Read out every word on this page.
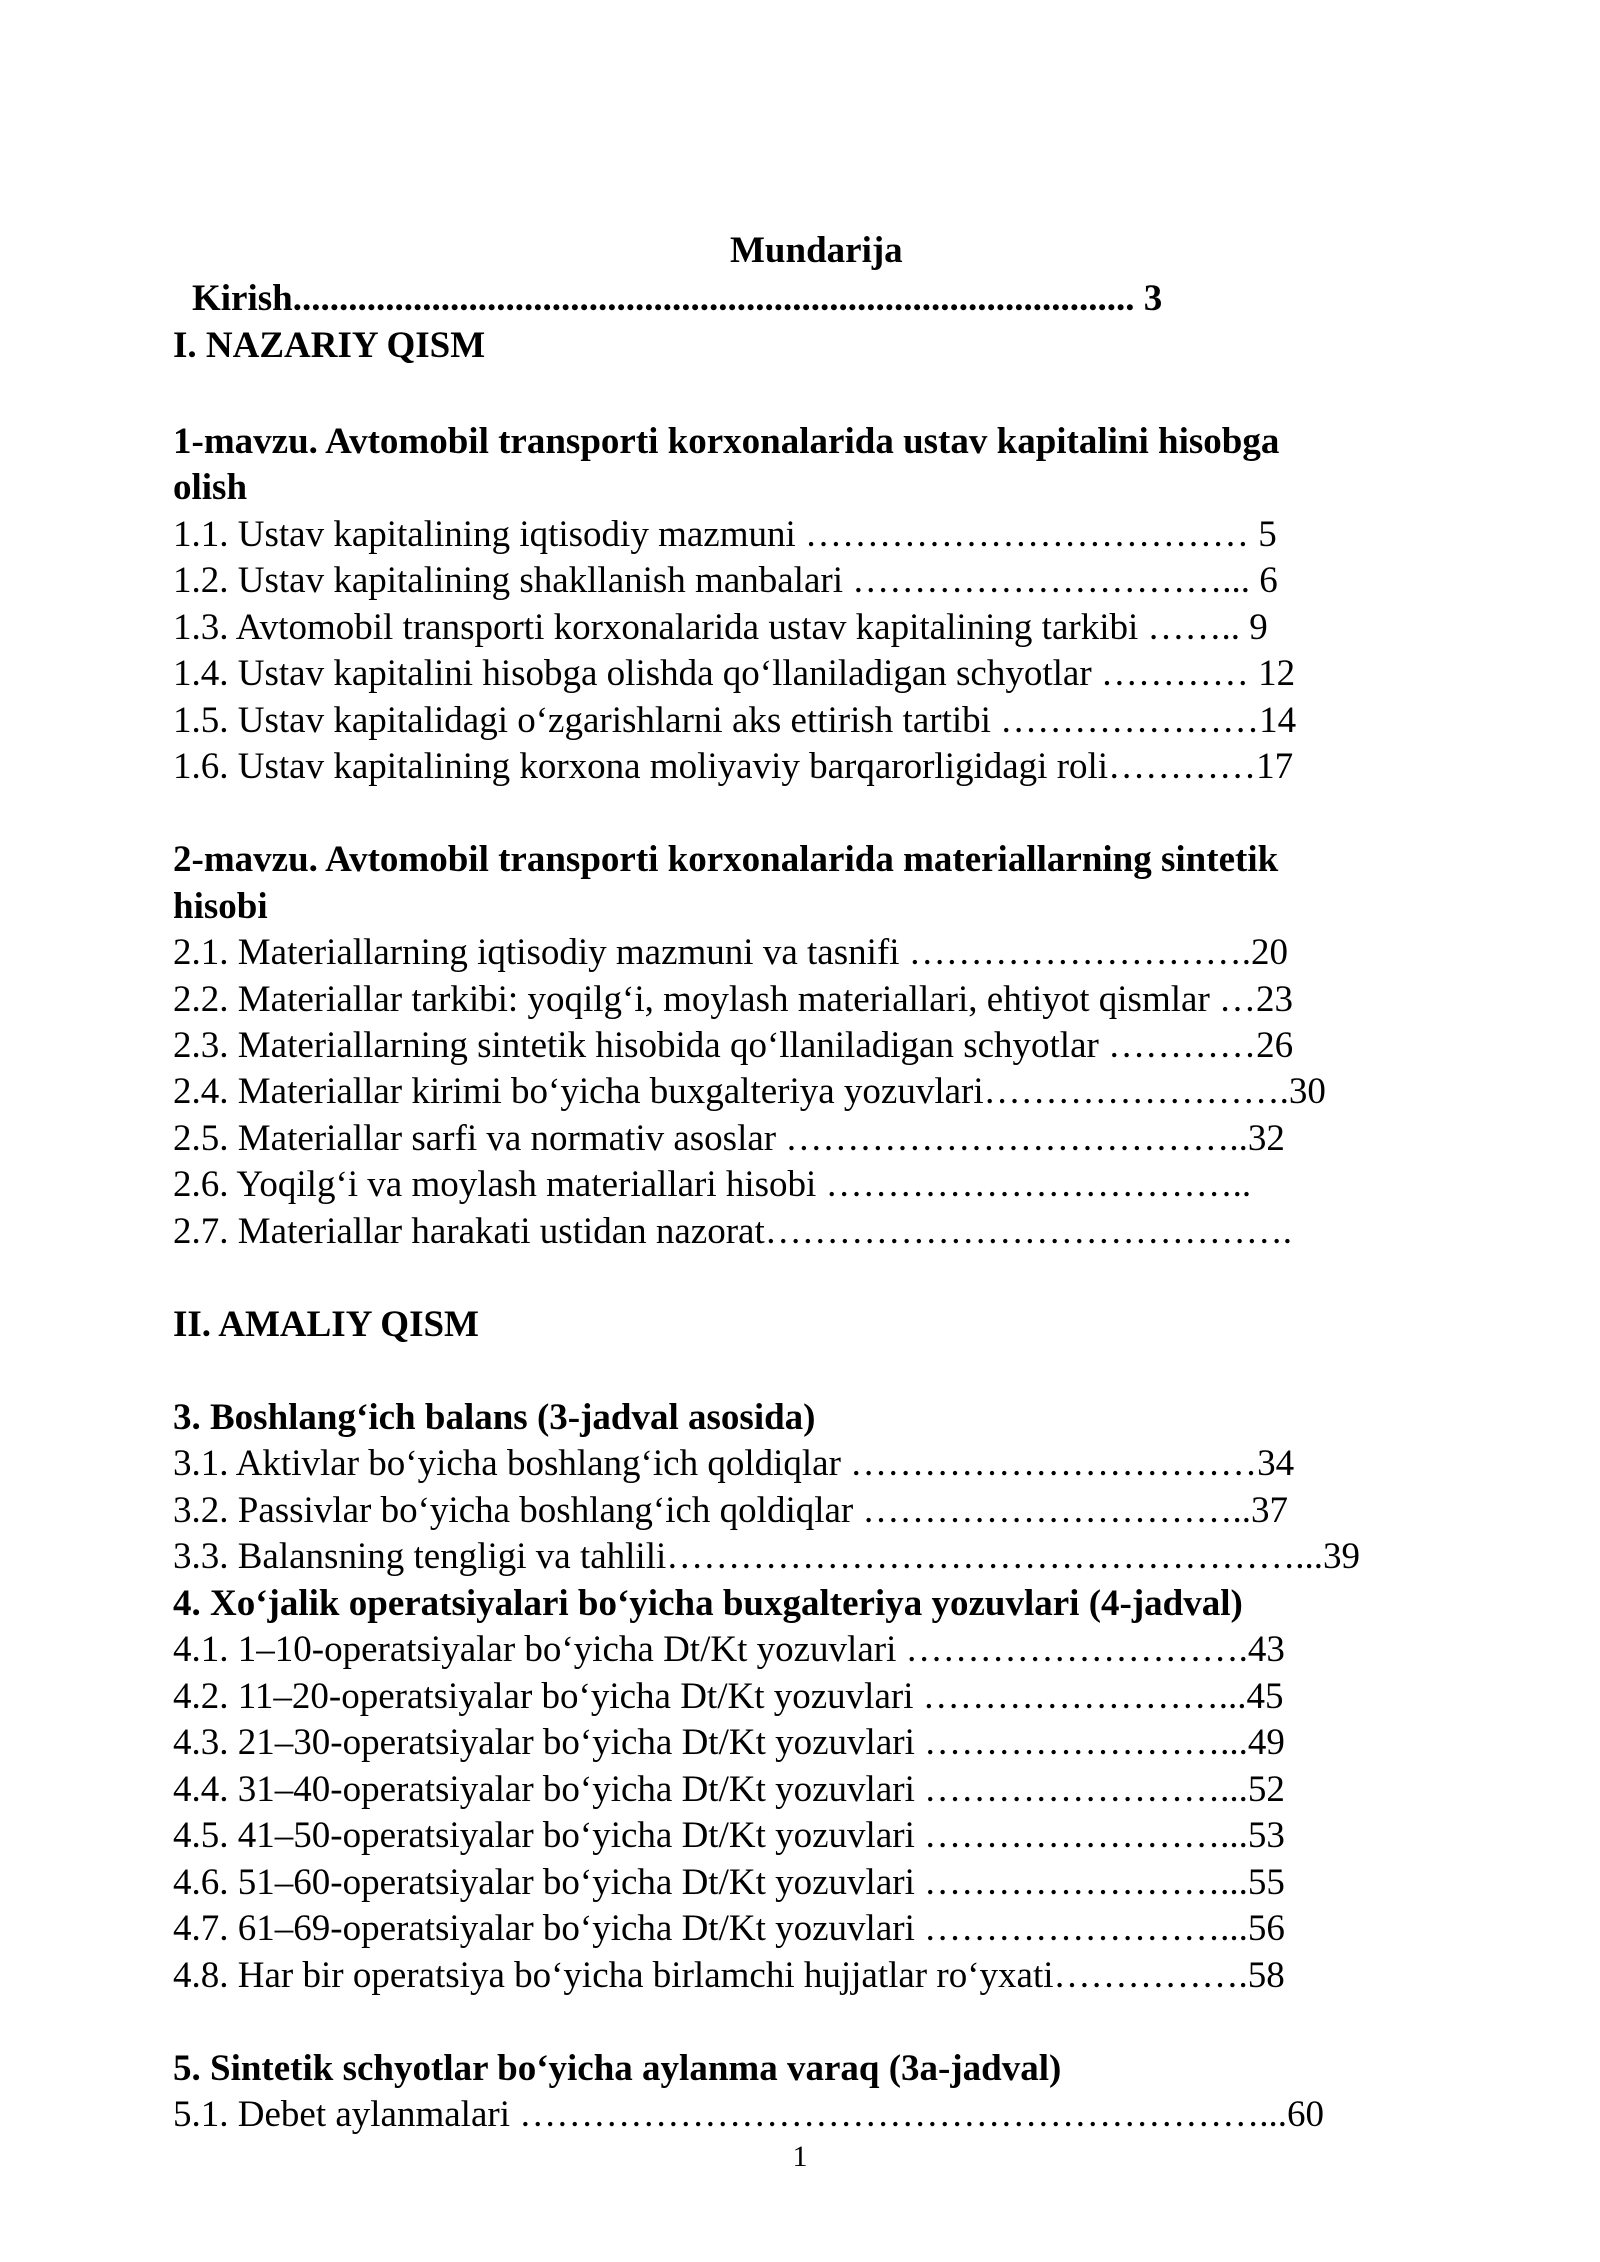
Mundarija
Kirish........................................................................................... 3
I. NAZARIY QISM
1-mavzu. Avtomobil transporti korxonalarida ustav kapitalini hisobga
olish
1.1. Ustav kapitalining iqtisodiy mazmuni ……………………………… 5
1.2. Ustav kapitalining shakllanish manbalari …………………………... 6
1.3. Avtomobil transporti korxonalarida ustav kapitalining tarkibi …….. 9
1.4. Ustav kapitalini hisobga olishda qo‘llaniladigan schyotlar ………… 12
1.5. Ustav kapitalidagi o‘zgarishlarni aks ettirish tartibi …………………14
1.6. Ustav kapitalining korxona moliyaviy barqarorligidagi roli…………17
2-mavzu. Avtomobil transporti korxonalarida materiallarning sintetik
hisobi
2.1. Materiallarning iqtisodiy mazmuni va tasnifi ……………………….20
2.2. Materiallar tarkibi: yoqilg‘i, moylash materiallari, ehtiyot qismlar …23
2.3. Materiallarning sintetik hisobida qo‘llaniladigan schyotlar …………26
2.4. Materiallar kirimi bo‘yicha buxgalteriya yozuvlari…………………….30
2.5. Materiallar sarfi va normativ asoslar ………………………………..32
2.6. Yoqilg‘i va moylash materiallari hisobi ……………………………..
2.7. Materiallar harakati ustidan nazorat…………………………………….
II. AMALIY QISM
3. Boshlang‘ich balans (3-jadval asosida)
3.1. Aktivlar bo‘yicha boshlang‘ich qoldiqlar ……………………………34
3.2. Passivlar bo‘yicha boshlang‘ich qoldiqlar …………………………..37
3.3. Balansning tengligi va tahlili……………………………………………...39
4. Xo‘jalik operatsiyalari bo‘yicha buxgalteriya yozuvlari (4-jadval)
4.1. 1–10-operatsiyalar bo‘yicha Dt/Kt yozuvlari ……………………….43
4.2. 11–20-operatsiyalar bo‘yicha Dt/Kt yozuvlari ……………………...45
4.3. 21–30-operatsiyalar bo‘yicha Dt/Kt yozuvlari ……………………...49
4.4. 31–40-operatsiyalar bo‘yicha Dt/Kt yozuvlari ……………………...52
4.5. 41–50-operatsiyalar bo‘yicha Dt/Kt yozuvlari ……………………...53
4.6. 51–60-operatsiyalar bo‘yicha Dt/Kt yozuvlari ……………………...55
4.7. 61–69-operatsiyalar bo‘yicha Dt/Kt yozuvlari ……………………...56
4.8. Har bir operatsiya bo‘yicha birlamchi hujjatlar ro‘yxati…………….58
5. Sintetik schyotlar bo‘yicha aylanma varaq (3a-jadval)
5.1. Debet aylanmalari ……………………………………………………...60
1
